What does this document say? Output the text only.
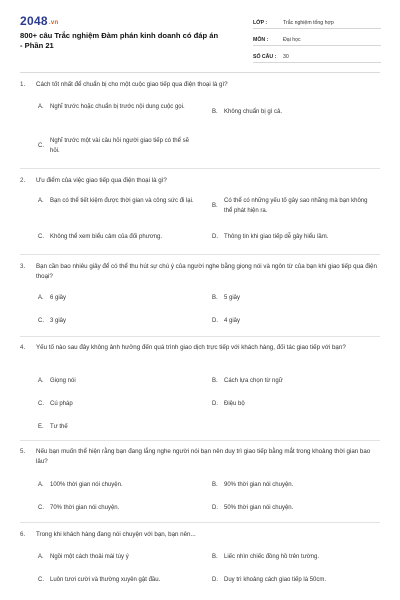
2048.vn
800+ câu Trắc nghiệm Đàm phán kinh doanh có đáp án - Phần 21
LỚP :	Trắc nghiệm tổng hợp
MÔN :	Đại học
SỐ CÂU :	30
1.	Cách tốt nhất để chuẩn bị cho một cuộc giao tiếp qua điện thoại là gì?
A.	Nghĩ trước hoặc chuẩn bị trước nội dung cuộc gọi.
B.	Không chuẩn bị gì cả.
C.
Nghĩ trước một vài câu hỏi người giao tiếp có thể sẽ hỏi.
2.	Ưu điểm của việc giao tiếp qua điện thoại là gì?
A.	Bạn có thể tiết kiệm được thời gian và công sức đi lại.
B.
Có thể có những yếu tố gây sao nhãng mà bạn không thể phát hiện ra.
C.	Không thể xem biểu cảm của đối phương.	D.	Thông tin khi giao tiếp dễ gây hiểu lầm.
3.	Bạn cần bao nhiêu giây để có thể thu hút sự chú ý của người nghe bằng giọng nói và ngôn từ của bạn khi giao tiếp qua điện thoại?
A.	6 giây	B.	5 giây
C.	3 giây	D.	4 giây
4.	Yếu tố nào sau đây không ảnh hưởng đến quá trình giao dịch trực tiếp với khách hàng, đối tác giao tiếp với bạn?
A.	Giọng nói	B.	Cách lựa chọn từ ngữ
C.	Cú pháp	D.	Điệu bộ
E.	Tư thế
5.	Nếu bạn muốn thể hiện rằng bạn đang lắng nghe người nói bạn nên duy trì giao tiếp bằng mắt trong khoảng thời gian bao lâu?
A.	100% thời gian nói chuyện.	B.	90% thời gian nói chuyện.
C.	70% thời gian nói chuyện.	D.	50% thời gian nói chuyện.
6.	Trong khi khách hàng đang nói chuyện với bạn, bạn nên...
A.	Ngồi một cách thoải mái tùy ý	B.	Liếc nhìn chiếc đồng hồ trên tường.
C.	Luôn tươi cười và thường xuyên gật đầu.	D.	Duy trì khoảng cách giao tiếp là 50cm.
